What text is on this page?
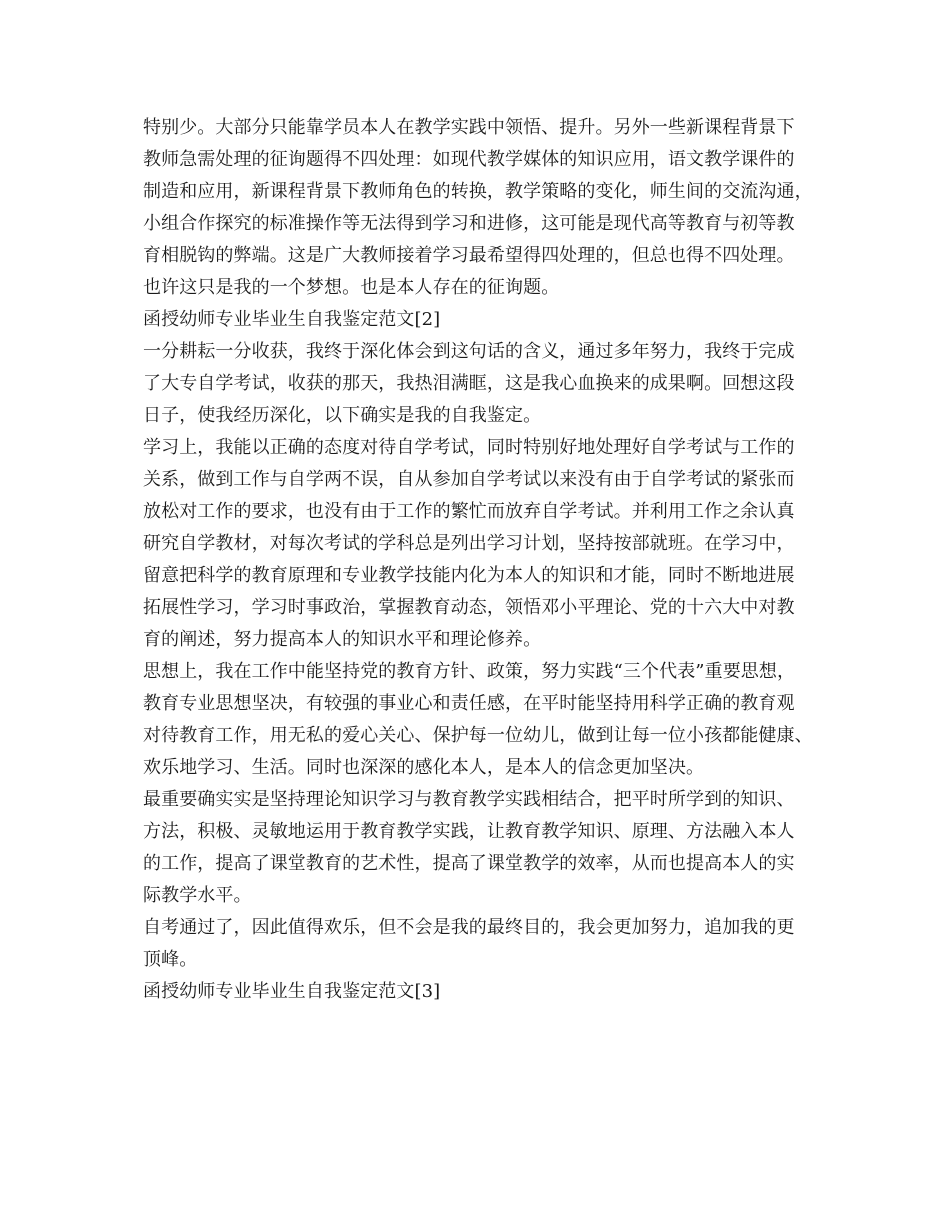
特别少。大部分只能靠学员本人在教学实践中领悟、提升。另外一些新课程背景下
教师急需处理的征询题得不四处理：如现代教学媒体的知识应用，语文教学课件的
制造和应用，新课程背景下教师角色的转换，教学策略的变化，师生间的交流沟通，
小组合作探究的标准操作等无法得到学习和进修，这可能是现代高等教育与初等教
育相脱钩的弊端。这是广大教师接着学习最希望得四处理的，但总也得不四处理。
也许这只是我的一个梦想。也是本人存在的征询题。
函授幼师专业毕业生自我鉴定范文[2]
一分耕耘一分收获，我终于深化体会到这句话的含义，通过多年努力，我终于完成
了大专自学考试，收获的那天，我热泪满眶，这是我心血换来的成果啊。回想这段
日子，使我经历深化，以下确实是我的自我鉴定。
学习上，我能以正确的态度对待自学考试，同时特别好地处理好自学考试与工作的
关系，做到工作与自学两不误，自从参加自学考试以来没有由于自学考试的紧张而
放松对工作的要求，也没有由于工作的繁忙而放弃自学考试。并利用工作之余认真
研究自学教材，对每次考试的学科总是列出学习计划，坚持按部就班。在学习中，
留意把科学的教育原理和专业教学技能内化为本人的知识和才能，同时不断地进展
拓展性学习，学习时事政治，掌握教育动态，领悟邓小平理论、党的十六大中对教
育的阐述，努力提高本人的知识水平和理论修养。
思想上，我在工作中能坚持党的教育方针、政策，努力实践“三个代表”重要思想，
教育专业思想坚决，有较强的事业心和责任感，在平时能坚持用科学正确的教育观
对待教育工作，用无私的爱心关心、保护每一位幼儿，做到让每一位小孩都能健康、
欢乐地学习、生活。同时也深深的感化本人，是本人的信念更加坚决。
最重要确实实是坚持理论知识学习与教育教学实践相结合，把平时所学到的知识、
方法，积极、灵敏地运用于教育教学实践，让教育教学知识、原理、方法融入本人
的工作，提高了课堂教育的艺术性，提高了课堂教学的效率，从而也提高本人的实
际教学水平。
自考通过了，因此值得欢乐，但不会是我的最终目的，我会更加努力，追加我的更
顶峰。
函授幼师专业毕业生自我鉴定范文[3]
